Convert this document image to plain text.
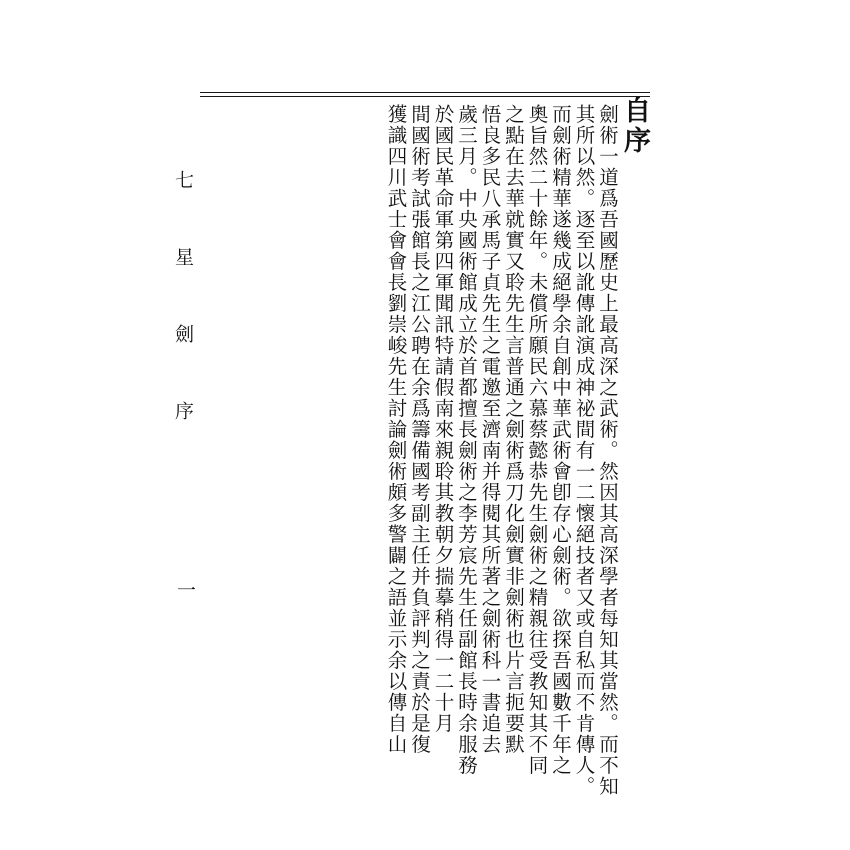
自序
劍術一道爲吾國歷史上最高深之武術。然因其高深學者每知其當然。而不知
其所以然。逐至以訛傳訛演成神祕間有一二懷絕技者又或自私而不肯傳人。
而劍術精華遂幾成絕學余自創中華武術會卽存心劍術。欲探吾國數千年之
奧旨然二十餘年。未償所願民六慕蔡懿恭先生劍術之精親往受教知其不同
之點在去華就實又聆先生言普通之劍術爲刀化劍實非劍術也片言扼要默
悟良多民八承馬子貞先生之電邀至濟南并得閱其所著之劍術科一書追去
歲三月。中央國術館成立於首都擅長劍術之李芳宸先生任副館長時余服務
於國民革命軍第四軍聞訊特請假南來親聆其教朝夕揣摹稍得一二十月
間國術考試張館長之江公聘在余爲籌備國考副主任并負評判之責於是復
獲識四川武士會會長劉崇峻先生討論劍術頗多警闢之語並示余以傳自山
七 星 劍 序
一
